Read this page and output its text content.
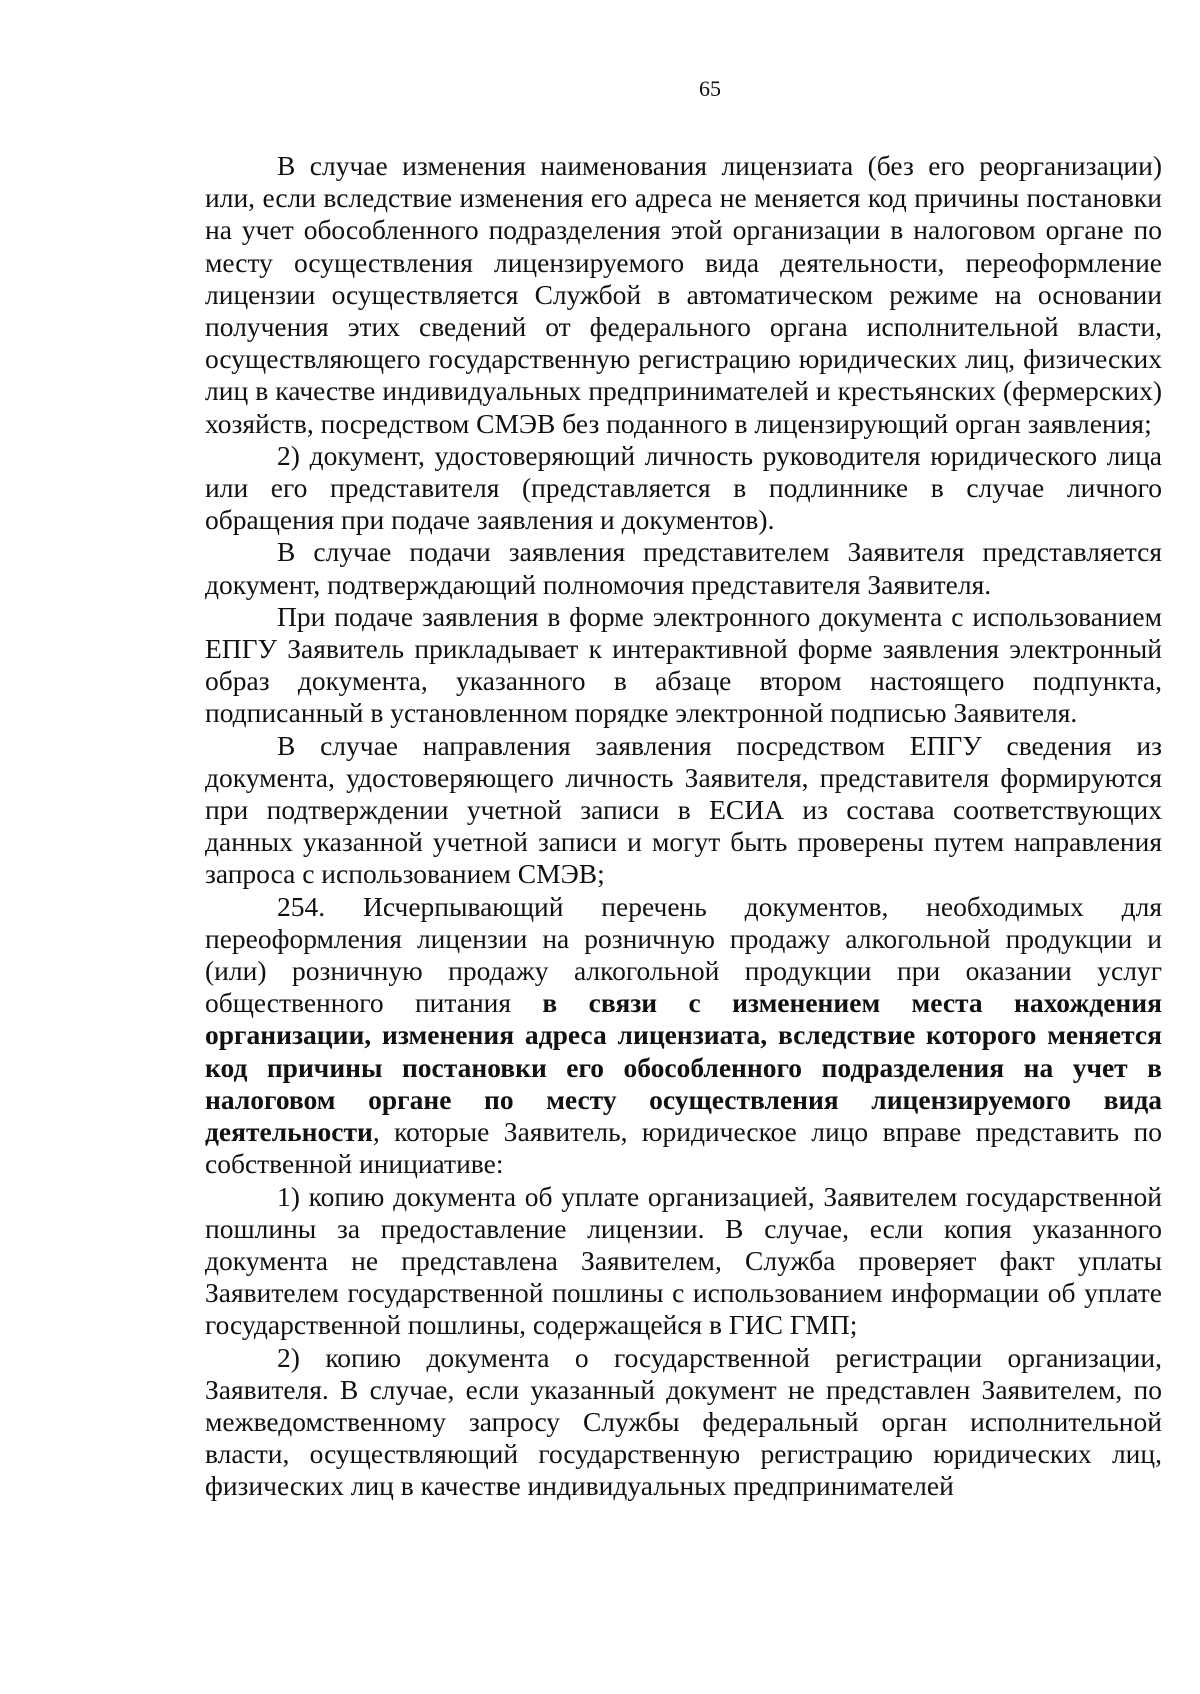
65

В случае изменения наименования лицензиата (без его реорганизации) или, если вследствие изменения его адреса не меняется код причины постановки на учет обособленного подразделения этой организации в налоговом органе по месту осуществления лицензируемого вида деятельности, переоформление лицензии осуществляется Службой в автоматическом режиме на основании получения этих сведений от федерального органа исполнительной власти, осуществляющего государственную регистрацию юридических лиц, физических лиц в качестве индивидуальных предпринимателей и крестьянских (фермерских) хозяйств, посредством СМЭВ без поданного в лицензирующий орган заявления;

2) документ, удостоверяющий личность руководителя юридического лица или его представителя (представляется в подлиннике в случае личного обращения при подаче заявления и документов).

В случае подачи заявления представителем Заявителя представляется документ, подтверждающий полномочия представителя Заявителя.

При подаче заявления в форме электронного документа с использованием ЕПГУ Заявитель прикладывает к интерактивной форме заявления электронный образ документа, указанного в абзаце втором настоящего подпункта, подписанный в установленном порядке электронной подписью Заявителя.

В случае направления заявления посредством ЕПГУ сведения из документа, удостоверяющего личность Заявителя, представителя формируются при подтверждении учетной записи в ЕСИА из состава соответствующих данных указанной учетной записи и могут быть проверены путем направления запроса с использованием СМЭВ;

254. Исчерпывающий перечень документов, необходимых для переоформления лицензии на розничную продажу алкогольной продукции и (или) розничную продажу алкогольной продукции при оказании услуг общественного питания в связи с изменением места нахождения организации, изменения адреса лицензиата, вследствие которого меняется код причины постановки его обособленного подразделения на учет в налоговом органе по месту осуществления лицензируемого вида деятельности, которые Заявитель, юридическое лицо вправе представить по собственной инициативе:

1) копию документа об уплате организацией, Заявителем государственной пошлины за предоставление лицензии. В случае, если копия указанного документа не представлена Заявителем, Служба проверяет факт уплаты Заявителем государственной пошлины с использованием информации об уплате государственной пошлины, содержащейся в ГИС ГМП;

2) копию документа о государственной регистрации организации, Заявителя. В случае, если указанный документ не представлен Заявителем, по межведомственному запросу Службы федеральный орган исполнительной власти, осуществляющий государственную регистрацию юридических лиц, физических лиц в качестве индивидуальных предпринимателей
